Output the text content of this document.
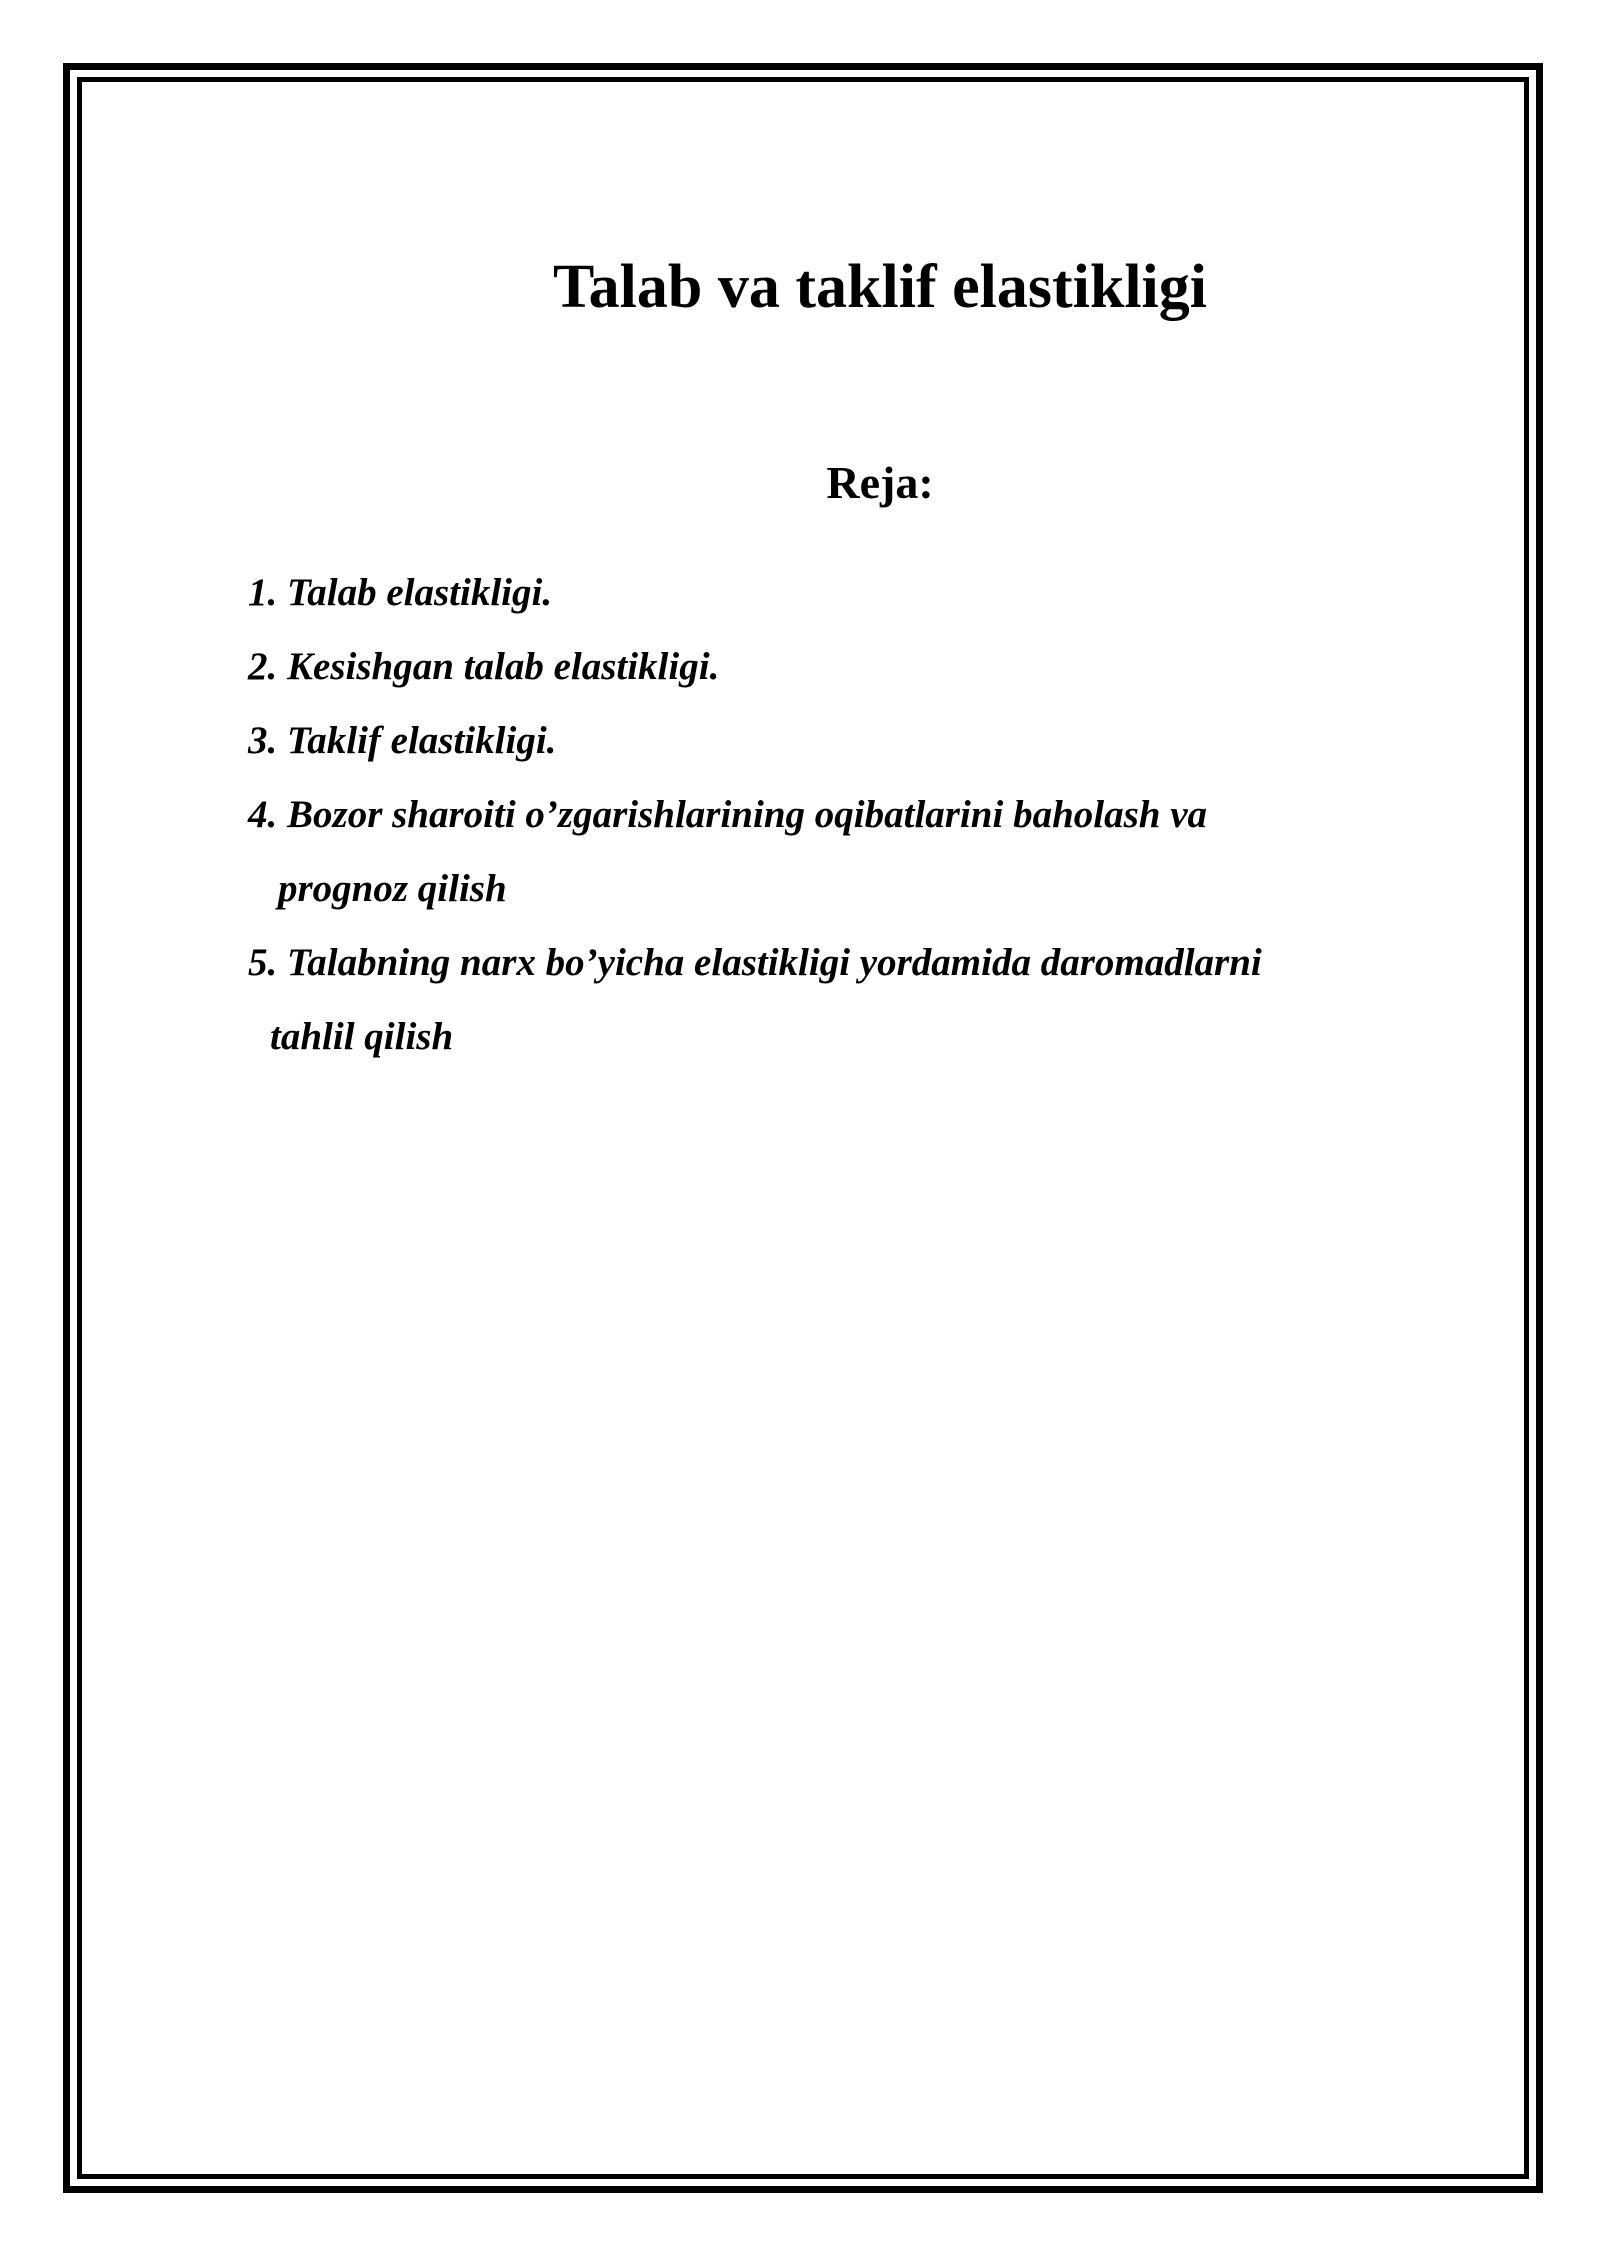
Talab va taklif elastikligi
Reja:
1. Talab elastikligi.
2. Kesishgan talab elastikligi.
3. Taklif elastikligi.
4. Bozor sharoiti o’zgarishlarining oqibatlarini baholash va
prognoz qilish
5. Talabning narx bo’yicha elastikligi yordamida daromadlarni
tahlil qilish
